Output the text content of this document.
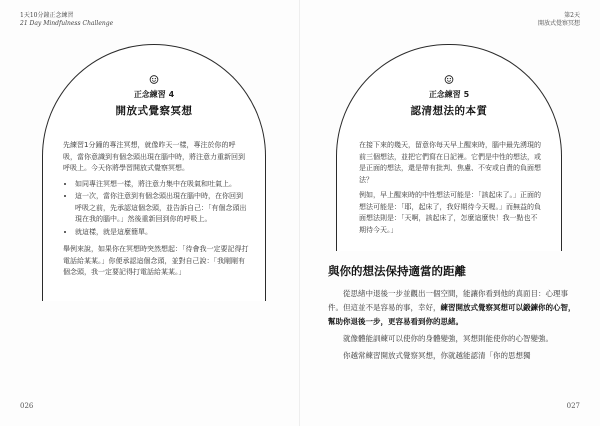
1天10分鐘正念練習
21 Day Mindfulness Challenge
正念練習 4
開放式覺察冥想

先練習1分鐘的專注冥想，就像昨天一樣，專注於你的呼吸，當你意識到有個念頭出現在腦中時，將注意力重新回到呼吸上。今天你將學習開放式覺察冥想。

• 如同專注冥想一樣，將注意力集中在吸氣和吐氣上。
• 這一次，當你注意到有個念頭出現在腦中時，在你回到呼吸之前，先承認這個念頭，並告訴自己：「有個念頭出現在我的腦中。」然後重新回到你的呼吸上。
• 就這樣，就是這麼簡單。

舉例來說，如果你在冥想時突然想起：「待會我一定要記得打電話給某某。」你便承認這個念頭，並對自己說：「我剛剛有個念頭，我一定要記得打電話給某某。」

026
第2天
開放式覺察冥想
正念練習 5
認清想法的本質

在接下來的幾天，留意你每天早上醒來時，腦中最先湧現的前三個想法，並把它們寫在日記裡。它們是中性的想法，或是正面的想法，還是帶有批判、焦慮、不安或自責的負面想法？

例如，早上醒來時的中性想法可能是：「該起床了。」正面的想法可能是：「耶，起床了，我好期待今天喔。」而無益的負面想法則是：「天啊，該起床了，怎麼這麼快！我一點也不期待今天。」

與你的想法保持適當的距離

從思緒中退後一步並觀出一個空間，能讓你看到他的真面目：心理事件。但這並不是容易的事，幸好，練習開放式覺察冥想可以鍛鍊你的心智，幫助你退後一步，更容易看到你的思緒。

就像體能訓練可以使你的身體變強，冥想則能使你的心智變強。

你越常練習開放式覺察冥想，你就越能認清「你的思想獨

027
